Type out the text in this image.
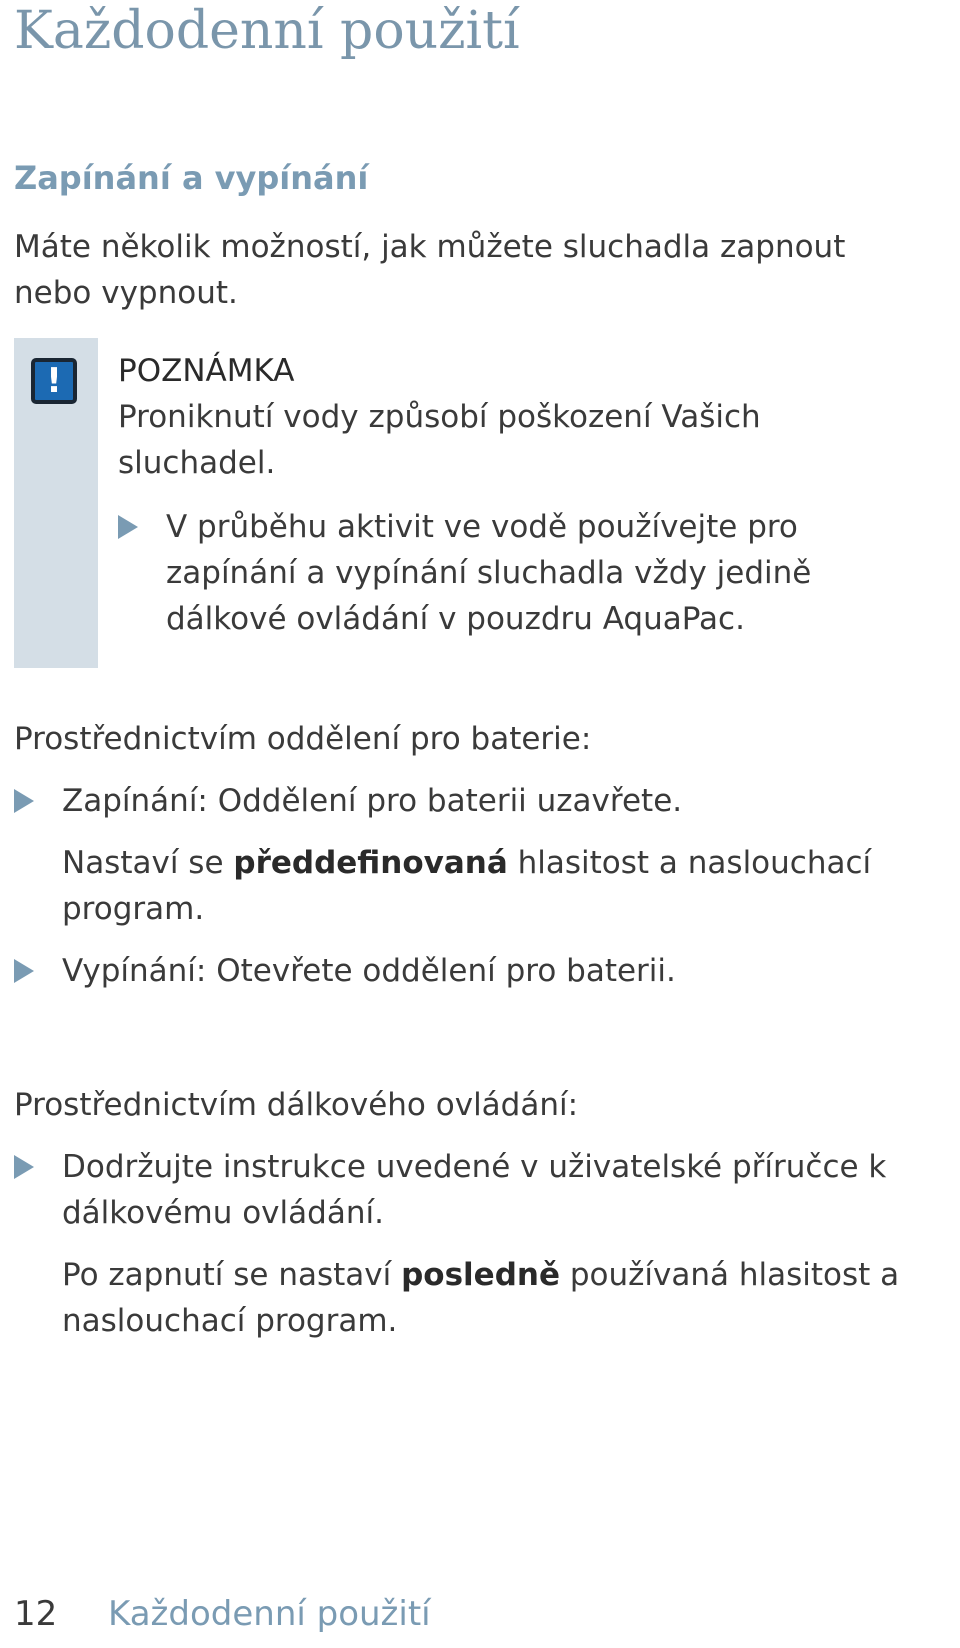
Každodenní použití
Zapínání a vypínání

Máte několik možností, jak můžete sluchadla zapnout nebo vypnout.

!	POZNÁMKA

Proniknutí vody způsobí poškození Vašich sluchadel.

V průběhu aktivit ve vodě používejte pro zapínání a vypínání sluchadla vždy jedině dálkové ovládání v pouzdru AquaPac.

Prostřednictvím oddělení pro baterie:

Zapínání: Oddělení pro baterii uzavřete.

Nastaví se předdefinovaná hlasitost a naslouchací program.

Vypínání: Otevřete oddělení pro baterii.

Prostřednictvím dálkového ovládání:

Dodržujte instrukce uvedené v uživatelské příručce k dálkovému ovládání.

Po zapnutí se nastaví posledně používaná hlasitost a naslouchací program.

12 Každodenní použití
